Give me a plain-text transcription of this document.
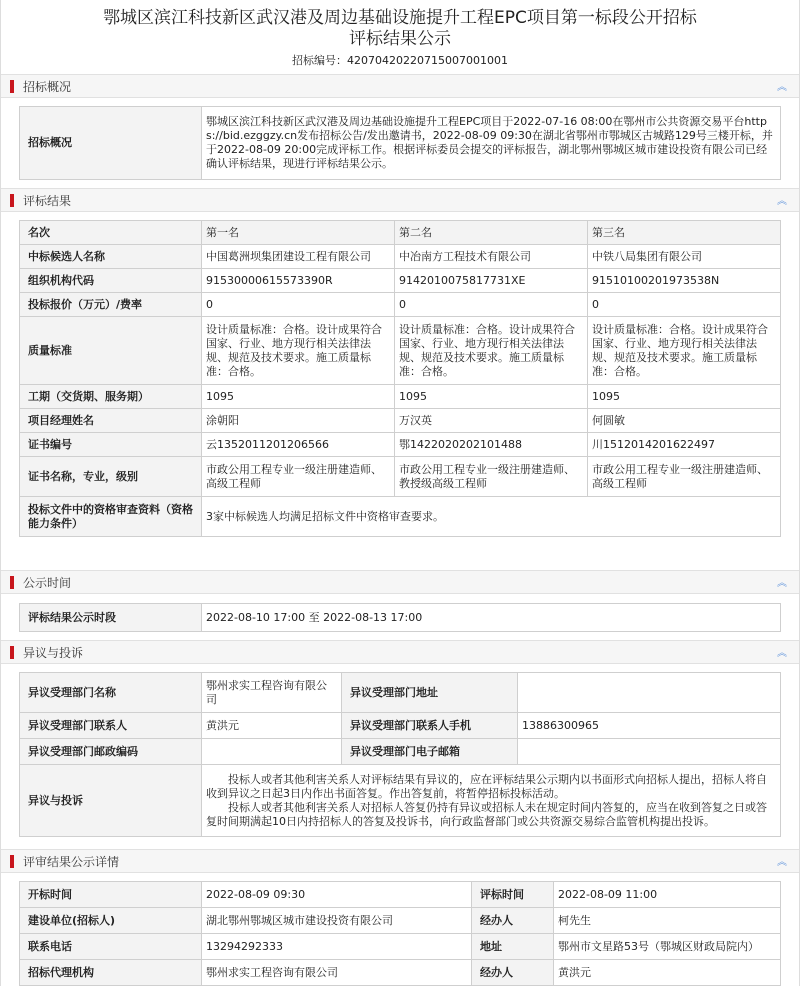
鄂城区滨江科技新区武汉港及周边基础设施提升工程EPC项目第一标段公开招标
评标结果公示
招标编号：420704202207150070010​01
招标概况	︽
招标概况	鄂城区滨江科技新区武汉港及周边基础设施提升工程EPC项目于2022-07-16 08:00在鄂州市公共资源交易平台https://bid.ezggzy.cn发布招标公告/发出邀请书，2022-08-09 09:30在湖北省鄂州市鄂城区古城路129号三楼开标，并于2022-08-09 20:00完成评标工作。根据评标委员会提交的评标报告，湖北鄂州鄂城区城市建设投资有限公司已经确认评标结果，现进行评标结果公示。
评标结果	︽
名次	第一名	第二名	第三名
中标候选人名称	中国葛洲坝集团建设工程有限公司	中冶南方工程技术有限公司	中铁八局集团有限公司
组织机构代码	91530000615573390R	9142010075817731XE	91510100201973538N
投标报价（万元）/费率	0	0	0
质量标准	设计质量标准：合格。设计成果符合国家、行业、地方现行相关法律法规、规范及技术要求。施工质量标准：合格。	设计质量标准：合格。设计成果符合国家、行业、地方现行相关法律法规、规范及技术要求。施工质量标准：合格。	设计质量标准：合格。设计成果符合国家、行业、地方现行相关法律法规、规范及技术要求。施工质量标准：合格。
工期（交货期、服务期）	1095	1095	1095
项目经理姓名	涂朝阳	万汉英	何圆敏
证书编号	云1352011201206566	鄂1422020202101488	川1512014201622497
证书名称，专业，级别	市政公用工程专业一级注册建造师、高级工程师	市政公用工程专业一级注册建造师、教授级高级工程师	市政公用工程专业一级注册建造师、高级工程师
投标文件中的资格审查资料（资格能力条件）	3家中标候选人均满足招标文件中资格审查要求。		
公示时间	︽
评标结果公示时段	2022-08-10 17:00 至 2022-08-13 17:00
异议与投诉	︽
异议受理部门名称	鄂州求实工程咨询有限公司	异议受理部门地址	
异议受理部门联系人	黄洪元	异议受理部门联系人手机	13886300965
异议受理部门邮政编码		异议受理部门电子邮箱	
异议与投诉	投标人或者其他利害关系人对评标结果有异议的，应在评标结果公示期内以书面形式向招标人提出，招标人将自收到异议之日起3日内作出书面答复。作出答复前，将暂停招标投标活动。
投标人或者其他利害关系人对招标人答复仍持有异议或招标人未在规定时间内答复的，应当在收到答复之日或答复时间期满起10日内持招标人的答复及投诉书，向行政监督部门或公共资源交易综合监管机构提出投诉。		
评审结果公示详情	︽
开标时间	2022-08-09 09:30	评标时间	2022-08-09 11:00
建设单位(招标人)	湖北鄂州鄂城区城市建设投资有限公司	经办人	柯先生
联系电话	13294292333	地址	鄂州市文星路53号（鄂城区财政局院内）
招标代理机构	鄂州求实工程咨询有限公司	经办人	黄洪元
